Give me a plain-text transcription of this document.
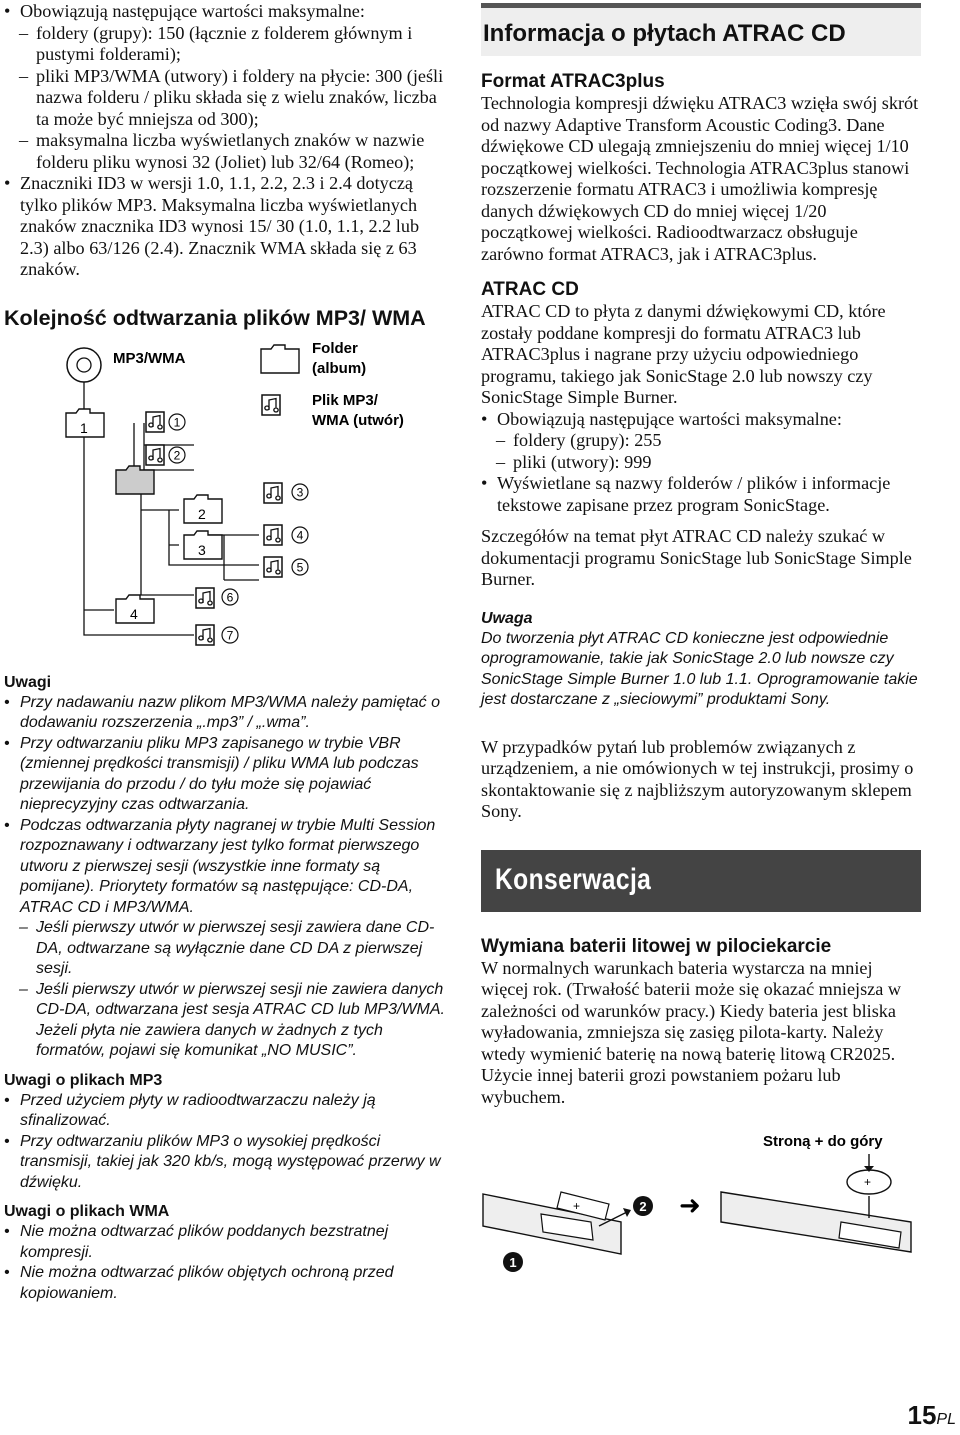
• Obowiązują następujące wartości maksymalne:
– foldery (grupy): 150 (łącznie z folderem głównym i pustymi folderami);
– pliki MP3/WMA (utwory) i foldery na płycie: 300 (jeśli nazwa folderu / pliku składa się z wielu znaków, liczba ta może być mniejsza od 300);
– maksymalna liczba wyświetlanych znaków w nazwie folderu pliku wynosi 32 (Joliet) lub 32/64 (Romeo);
• Znaczniki ID3 w wersji 1.0, 1.1, 2.2, 2.3 i 2.4 dotyczą tylko plików MP3. Maksymalna liczba wyświetlanych znaków znacznika ID3 wynosi 15/ 30 (1.0, 1.1, 2.2 lub 2.3) albo 63/126 (2.4). Znacznik WMA składa się z 63 znaków.
Kolejność odtwarzania plików MP3/ WMA
MP3/WMA
1
2
3
4
1
2
3
4
5
6
7
Folder
(album)
Plik MP3/
WMA (utwór)

Uwagi

• Przy nadawaniu nazw plikom MP3/WMA należy pamiętać o dodawaniu rozszerzenia „.mp3” / „.wma”.
• Przy odtwarzaniu pliku MP3 zapisanego w trybie VBR (zmiennej prędkości transmisji) / pliku WMA lub podczas przewijania do przodu / do tyłu może się pojawiać nieprecyzyjny czas odtwarzania.
• Podczas odtwarzania płyty nagranej w trybie Multi Session rozpoznawany i odtwarzany jest tylko format pierwszego utworu z pierwszej sesji (wszystkie inne formaty są pomijane). Priorytety formatów są następujące: CD-DA, ATRAC CD i MP3/WMA.
– Jeśli pierwszy utwór w pierwszej sesji zawiera dane CD-DA, odtwarzane są wyłącznie dane CD DA z pierwszej sesji.
– Jeśli pierwszy utwór w pierwszej sesji nie zawiera danych CD-DA, odtwarzana jest sesja ATRAC CD lub MP3/WMA. Jeżeli płyta nie zawiera danych w żadnych z tych formatów, pojawi się komunikat „NO MUSIC”.

Uwagi o plikach MP3

• Przed użyciem płyty w radioodtwarzaczu należy ją sfinalizować.
• Przy odtwarzaniu plików MP3 o wysokiej prędkości transmisji, takiej jak 320 kb/s, mogą występować przerwy w dźwięku.

Uwagi o plikach WMA

• Nie można odtwarzać plików poddanych bezstratnej kompresji.
• Nie można odtwarzać plików objętych ochroną przed kopiowaniem.
Informacja o płytach ATRAC CD

Format ATRAC3plus

Technologia kompresji dźwięku ATRAC3 wzięła swój skrót od nazwy Adaptive Transform Acoustic Coding3. Dane dźwiękowe CD ulegają zmniejszeniu do mniej więcej 1/10 początkowej wielkości. Technologia ATRAC3plus stanowi rozszerzenie formatu ATRAC3 i umożliwia kompresję danych dźwiękowych CD do mniej więcej 1/20 początkowej wielkości. Radioodtwarzacz obsługuje zarówno format ATRAC3, jak i ATRAC3plus.

ATRAC CD

ATRAC CD to płyta z danymi dźwiękowymi CD, które zostały poddane kompresji do formatu ATRAC3 lub ATRAC3plus i nagrane przy użyciu odpowiedniego programu, takiego jak SonicStage 2.0 lub nowszy czy SonicStage Simple Burner.

• Obowiązują następujące wartości maksymalne:
– foldery (grupy): 255
– pliki (utwory): 999
• Wyświetlane są nazwy folderów / plików i informacje tekstowe zapisane przez program SonicStage.

Szczegółów na temat płyt ATRAC CD należy szukać w dokumentacji programu SonicStage lub SonicStage Simple Burner.

Uwaga

Do tworzenia płyt ATRAC CD konieczne jest odpowiednie oprogramowanie, takie jak SonicStage 2.0 lub nowsze czy SonicStage Simple Burner 1.0 lub 1.1. Oprogramowanie takie jest dostarczane z „sieciowymi” produktami Sony.

W przypadków pytań lub problemów związanych z urządzeniem, a nie omówionych w tej instrukcji, prosimy o skontaktowanie się z najbliższym autoryzowanym sklepem Sony.

Konserwacja

Wymiana baterii litowej w pilociekarcie

W normalnych warunkach bateria wystarcza na mniej więcej rok. (Trwałość baterii może się okazać mniejsza w zależności od warunków pracy.) Kiedy bateria jest bliska wyładowania, zmniejsza się zasięg pilota-karty. Należy wtedy wymienić baterię na nową baterię litową CR2025. Użycie innej baterii grozi powstaniem pożaru lub wybuchem.

Stroną + do góry
+
1
2 ➜
+
15PL
